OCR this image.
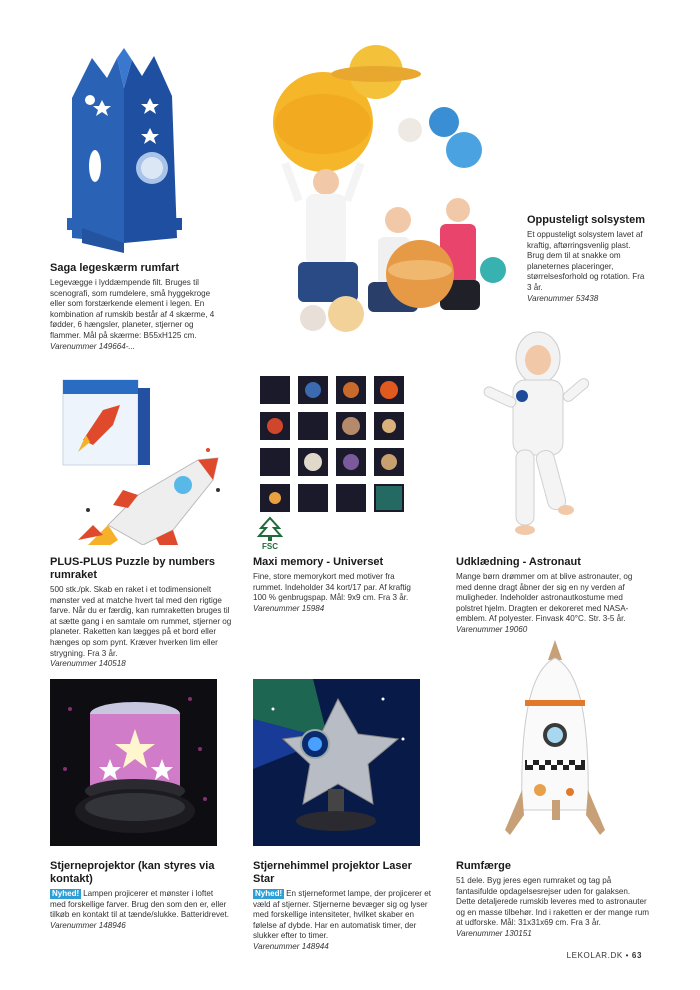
FSC
Saga legeskærm rumfart

Legevægge i lyddæmpende filt. Bruges til scenografi, som rumdelere, små hyggekroge eller som forstærkende element i legen. En kombination af rumskib består af 4 skærme, 4 fødder, 6 hængsler, planeter, stjerner og flammer. Mål på skærme: B55xH125 cm.

Varenummer 149664-...

Oppusteligt solsystem

Et oppusteligt solsystem lavet af kraftig, aftørringsvenlig plast. Brug dem til at snakke om planeternes placeringer, størrelsesforhold og rotation. Fra 3 år.

Varenummer 53438

PLUS-PLUS Puzzle by numbers rumraket

500 stk./pk. Skab en raket i et todimensionelt mønster ved at matche hvert tal med den rigtige farve. Når du er færdig, kan rumraketten bruges til at sætte gang i en samtale om rummet, stjerner og planeter. Raketten kan lægges på et bord eller hænges op som pynt. Kræver hverken lim eller strygning. Fra 3 år.

Varenummer 140518

Maxi memory - Universet

Fine, store memorykort med motiver fra rummet. Indeholder 34 kort/17 par. Af kraftig 100 % genbrugspap. Mål: 9x9 cm. Fra 3 år.

Varenummer 15984

Udklædning - Astronaut

Mange børn drømmer om at blive astronauter, og med denne dragt åbner der sig en ny verden af muligheder. Indeholder astronautkostume med polstret hjelm. Dragten er dekoreret med NASA-emblem. Af polyester. Finvask 40°C. Str. 3-5 år.

Varenummer 19060

Stjerneprojektor (kan styres via kontakt)

Nyhed! Lampen projicerer et mønster i loftet med forskellige farver. Brug den som den er, eller tilkøb en kontakt til at tænde/slukke. Batteridrevet.

Varenummer 148946

Stjernehimmel projektor Laser Star

Nyhed! En stjerneformet lampe, der projicerer et væld af stjerner. Stjernerne bevæger sig og lyser med forskellige intensiteter, hvilket skaber en følelse af dybde. Har en automatisk timer, der slukker efter to timer.

Varenummer 148944

Rumfærge

51 dele. Byg jeres egen rumraket og tag på fantasifulde opdagelsesrejser uden for galaksen. Dette detaljerede rumskib leveres med to astronauter og en masse tilbehør. Ind i raketten er der mange rum at udforske. Mål: 31x31x69 cm. Fra 3 år.

Varenummer 130151

LEKOLAR.DK • 63
